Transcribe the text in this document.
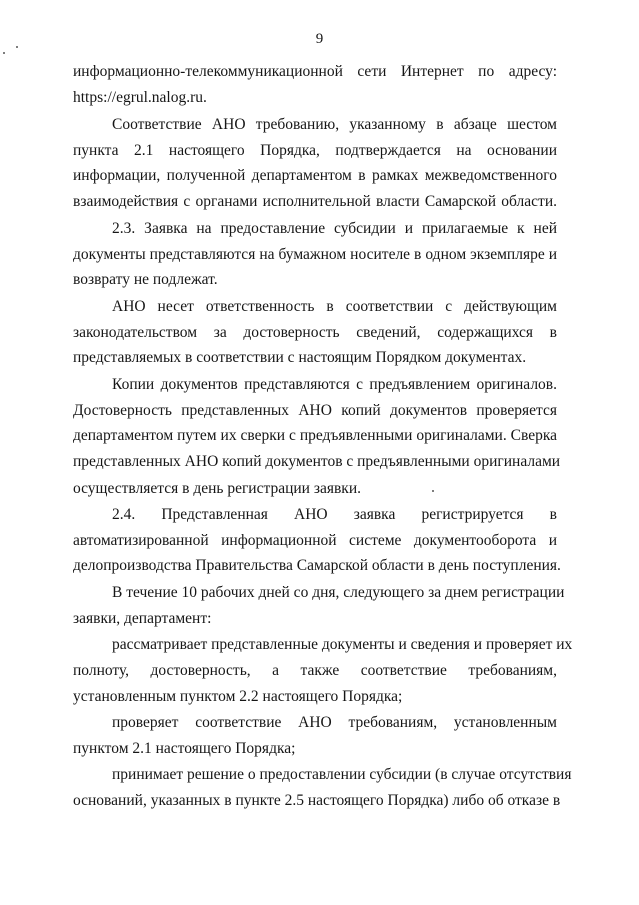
9
информационно-телекоммуникационной сети Интернет по адресу:
https://egrul.nalog.ru.
Соответствие АНО требованию, указанному в абзаце шестом
пункта 2.1 настоящего Порядка, подтверждается на основании
информации, полученной департаментом в рамках межведомственного
взаимодействия с органами исполнительной власти Самарской области.
2.3. Заявка на предоставление субсидии и прилагаемые к ней
документы представляются на бумажном носителе в одном экземпляре и
возврату не подлежат.
АНО несет ответственность в соответствии с действующим
законодательством за достоверность сведений, содержащихся в
представляемых в соответствии с настоящим Порядком документах.
Копии документов представляются с предъявлением оригиналов.
Достоверность представленных АНО копий документов проверяется
департаментом путем их сверки с предъявленными оригиналами. Сверка
представленных АНО копий документов с предъявленными оригиналами
осуществляется в день регистрации заявки.
2.4. Представленная АНО заявка регистрируется в
автоматизированной информационной системе документооборота и
делопроизводства Правительства Самарской области в день поступления.
В течение 10 рабочих дней со дня, следующего за днем регистрации
заявки, департамент:
рассматривает представленные документы и сведения и проверяет их
полноту, достоверность, а также соответствие требованиям,
установленным пунктом 2.2 настоящего Порядка;
проверяет соответствие АНО требованиям, установленным
пунктом 2.1 настоящего Порядка;
принимает решение о предоставлении субсидии (в случае отсутствия
оснований, указанных в пункте 2.5 настоящего Порядка) либо об отказе в
